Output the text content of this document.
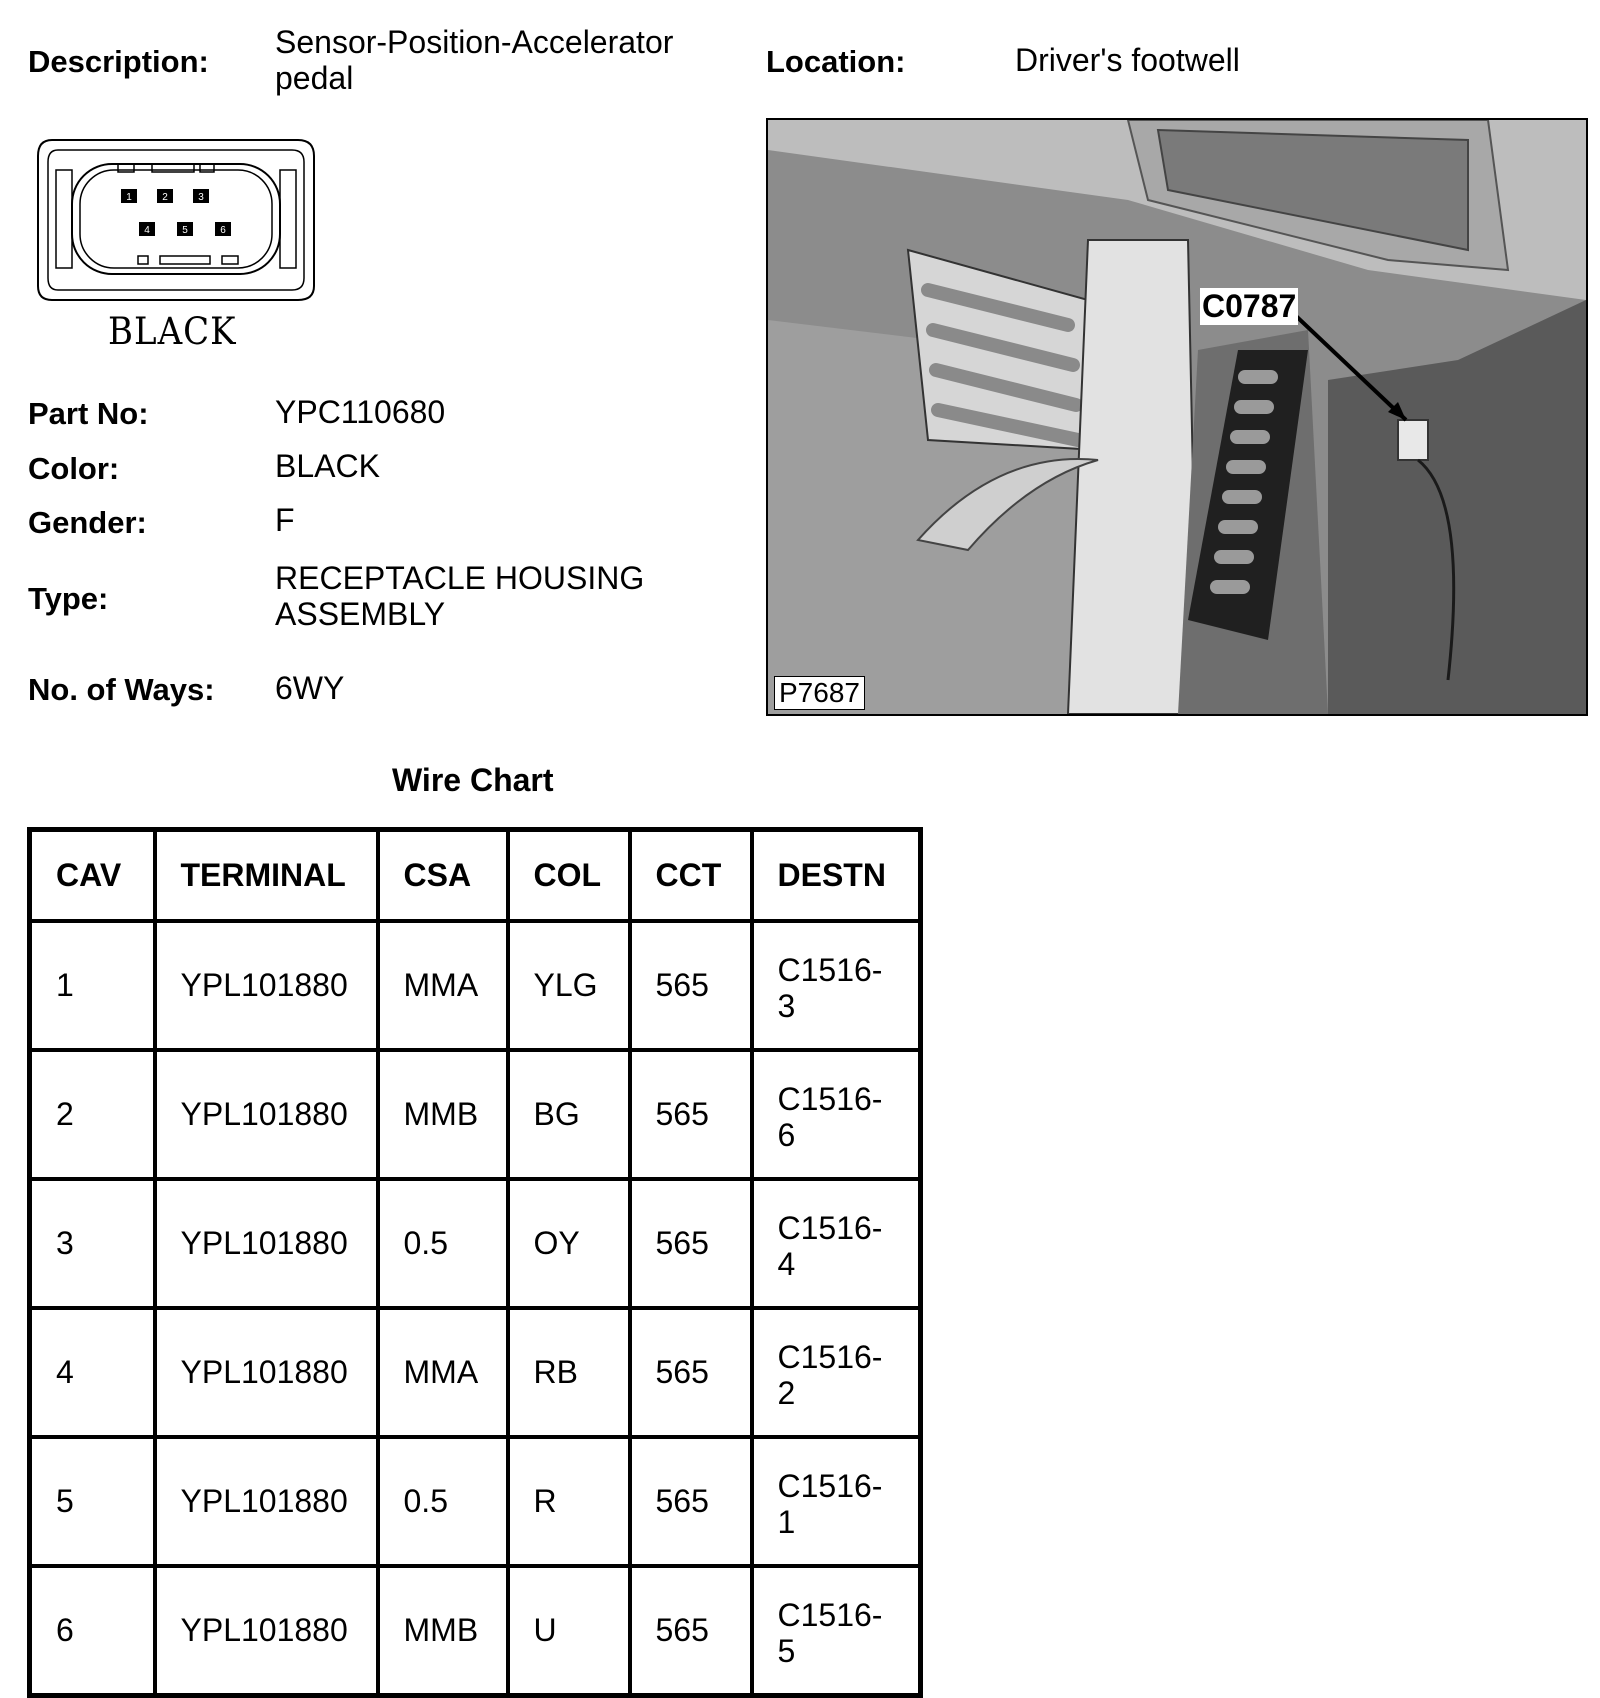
Description:
Sensor-Position-Accelerator
pedal	Location:	Driver's footwell
1	2	3
4	5	6
BLACK
Part No:	YPC110680
Color:	BLACK
Gender:	F
Type:
RECEPTACLE HOUSING
ASSEMBLY
No. of Ways: 6WY
C0787
P7687
Wire Chart
CAV	TERMINAL	CSA	COL	CCT	DESTN
1	YPL101880	MMA	YLG	565	C1516-
3

2	YPL101880	MMB	BG	565	C1516-
6

3	YPL101880	0.5	OY	565	C1516-
4

4	YPL101880	MMA	RB	565	C1516-
2

5	YPL101880	0.5	R	565	C1516-
1

6	YPL101880	MMB	U	565	C1516-
5
